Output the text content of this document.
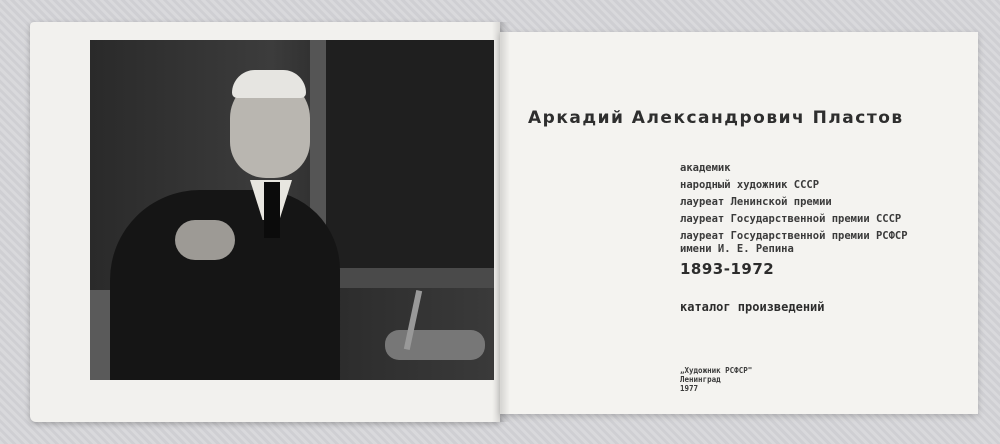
Аркадий Александрович Пластов
академик
народный художник СССР
лауреат Ленинской премии
лауреат Государственной премии СССР
лауреат Государственной премии РСФСР
имени И. Е. Репина
1893-1972
каталог произведений
„Художник РСФСР"
Ленинград
1977
